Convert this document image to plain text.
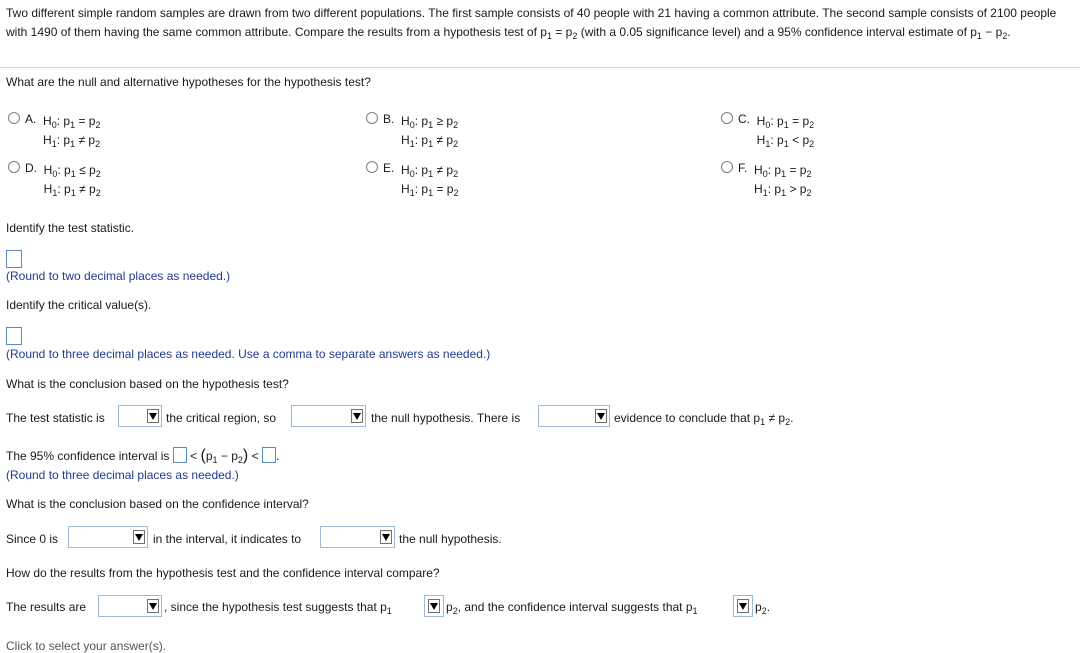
Two different simple random samples are drawn from two different populations. The first sample consists of 40 people with 21 having a common attribute. The second sample consists of 2100 people with 1490 of them having the same common attribute. Compare the results from a hypothesis test of $p_1 = p_2$ (with a 0.05 significance level) and a 95% confidence interval estimate of $p_1 - p_2$.
What are the null and alternative hypotheses for the hypothesis test?
A. $H_0$: $p_1 = p_2$
$H_1$: $p_1 \ne p_2$
B. $H_0$: $p_1 \ge p_2$
$H_1$: $p_1 \ne p_2$
C. $H_0$: $p_1 = p_2$
$H_1$: $p_1 < p_2$
D. $H_0$: $p_1 \le p_2$
$H_1$: $p_1 \ne p_2$
E. $H_0$: $p_1 \ne p_2$
$H_1$: $p_1 = p_2$
F. $H_0$: $p_1 = p_2$
$H_1$: $p_1 > p_2$
Identify the test statistic.
(Round to two decimal places as needed.)
Identify the critical value(s).
(Round to three decimal places as needed. Use a comma to separate answers as needed.)
What is the conclusion based on the hypothesis test?
The test statistic is	the critical region, so	the null hypothesis. There is	evidence to conclude that $p_1 \ne p_2$.
The 95% confidence interval is < $(p_1 - p_2)$ < .
(Round to three decimal places as needed.)
What is the conclusion based on the confidence interval?
Since 0 is	in the interval, it indicates to	the null hypothesis.
How do the results from the hypothesis test and the confidence interval compare?
The results are	, since the hypothesis test suggests that $p_1$	$p_2$, and the confidence interval suggests that $p_1$	$p_2$.
Click to select your answer(s).
